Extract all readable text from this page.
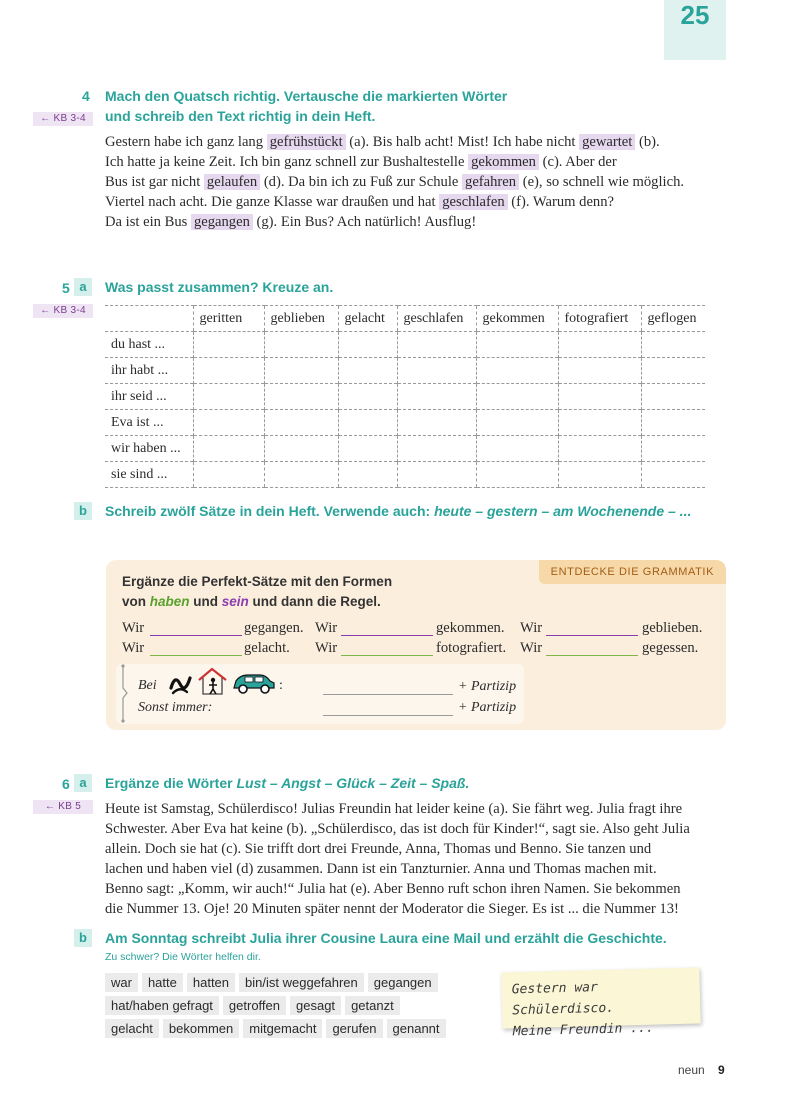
25
4
← KB 3-4
Mach den Quatsch richtig. Vertausche die markierten Wörter
und schreib den Text richtig in dein Heft.
Gestern habe ich ganz lang gefrühstückt (a). Bis halb acht! Mist! Ich habe nicht gewartet (b).
Ich hatte ja keine Zeit. Ich bin ganz schnell zur Bushaltestelle gekommen (c). Aber der
Bus ist gar nicht gelaufen (d). Da bin ich zu Fuß zur Schule gefahren (e), so schnell wie möglich.
Viertel nach acht. Die ganze Klasse war draußen und hat geschlafen (f). Warum denn?
Da ist ein Bus gegangen (g). Ein Bus? Ach natürlich! Ausflug!
5 a	Was passt zusammen? Kreuze an.
← KB 3-4
		geritten	geblieben	gelacht	geschlafen	gekommen	fotografiert	geflogen
du hast ...							
ihr habt ...							
ihr seid ...							
Eva ist ...							
wir haben ...							
sie sind ...							
b	Schreib zwölf Sätze in dein Heft. Verwende auch: heute – gestern – am Wochenende – ...
ENTDECKE DIE GRAMMATIK
Ergänze die Perfekt-Sätze mit den Formen
von haben und sein und dann die Regel.
Wir	gegangen. Wir	gekommen. Wir	geblieben.
Wir	gelacht. Wir	fotografiert. Wir	gegessen.
Bei	:	+ Partizip
Sonst immer:	+ Partizip
6 a	Ergänze die Wörter Lust – Angst – Glück – Zeit – Spaß.
← KB 5	Heute ist Samstag, Schülerdisco! Julias Freundin hat leider keine (a). Sie fährt weg. Julia fragt ihre
Schwester. Aber Eva hat keine (b). „Schülerdisco, das ist doch für Kinder!“, sagt sie. Also geht Julia
allein. Doch sie hat (c). Sie trifft dort drei Freunde, Anna, Thomas und Benno. Sie tanzen und
lachen und haben viel (d) zusammen. Dann ist ein Tanzturnier. Anna und Thomas machen mit.
Benno sagt: „Komm, wir auch!“ Julia hat (e). Aber Benno ruft schon ihren Namen. Sie bekommen
die Nummer 13. Oje! 20 Minuten später nennt der Moderator die Sieger. Es ist ... die Nummer 13!
b	Am Sonntag schreibt Julia ihrer Cousine Laura eine Mail und erzählt die Geschichte.
Zu schwer? Die Wörter helfen dir.
war hatte hatten bin/ist weggefahren gegangen
hat/haben gefragt getroffen gesagt getanzt
gelacht bekommen mitgemacht gerufen genannt

Gestern war Schülerdisco.
Meine Freundin ...

neun 9
